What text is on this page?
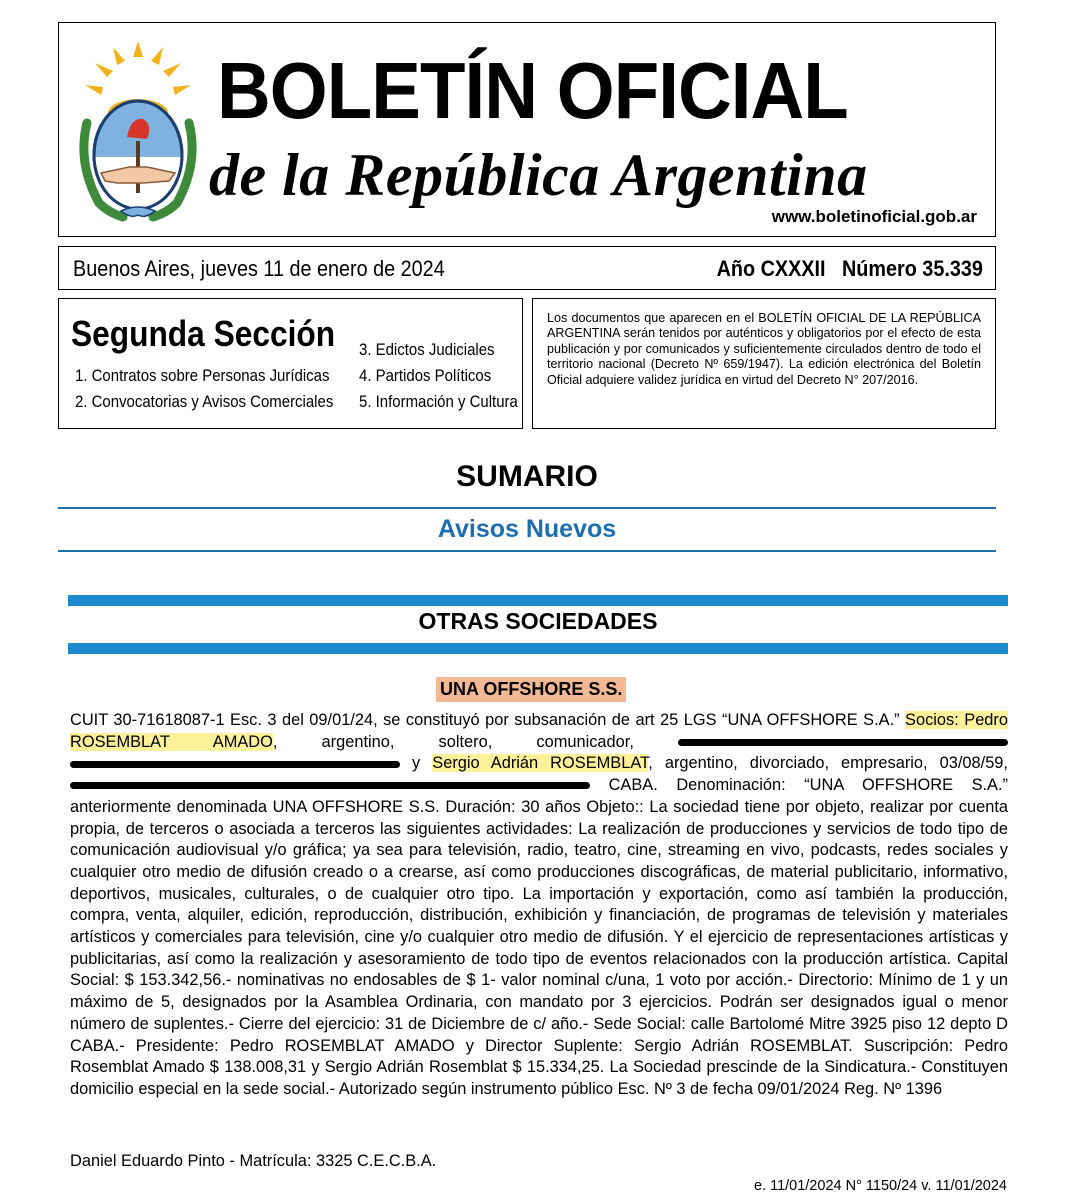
BOLETÍN OFICIAL
de la República Argentina
www.boletinoficial.gob.ar
Buenos Aires, jueves 11 de enero de 2024	Año CXXXII   Número 35.339
Segunda Sección
1. Contratos sobre Personas Jurídicas
2. Convocatorias y Avisos Comerciales
3. Edictos Judiciales
4. Partidos Políticos
5. Información y Cultura
Los documentos que aparecen en el BOLETÍN OFICIAL DE LA REPÚBLICA ARGENTINA serán tenidos por auténticos y obligatorios por el efecto de esta publicación y por comunicados y suficientemente circulados dentro de todo el territorio nacional (Decreto Nº 659/1947). La edición electrónica del Boletín Oficial adquiere validez jurídica en virtud del Decreto N° 207/2016.
SUMARIO
Avisos Nuevos
OTRAS SOCIEDADES
UNA OFFSHORE S.S.
CUIT 30-71618087-1 Esc. 3 del 09/01/24, se constituyó por subsanación de art 25 LGS “UNA OFFSHORE S.A.” Socios: Pedro ROSEMBLAT AMADO, argentino, soltero, comunicador,   y Sergio Adrián ROSEMBLAT, argentino, divorciado, empresario, 03/08/59,  CABA. Denominación: “UNA OFFSHORE S.A.” anteriormente denominada UNA OFFSHORE S.S. Duración: 30 años Objeto:: La sociedad tiene por objeto, realizar por cuenta propia, de terceros o asociada a terceros las siguientes actividades: La realización de producciones y servicios de todo tipo de comunicación audiovisual y/o gráfica; ya sea para televisión, radio, teatro, cine, streaming en vivo, podcasts, redes sociales y cualquier otro medio de difusión creado o a crearse, así como producciones discográficas, de material publicitario, informativo, deportivos, musicales, culturales, o de cualquier otro tipo. La importación y exportación, como así también la producción, compra, venta, alquiler, edición, reproducción, distribución, exhibición y financiación, de programas de televisión y materiales artísticos y comerciales para televisión, cine y/o cualquier otro medio de difusión. Y el ejercicio de representaciones artísticas y publicitarias, así como la realización y asesoramiento de todo tipo de eventos relacionados con la producción artística. Capital Social: $ 153.342,56.- nominativas no endosables de $ 1- valor nominal c/una, 1 voto por acción.- Directorio: Mínimo de 1 y un máximo de 5, designados por la Asamblea Ordinaria, con mandato por 3 ejercicios. Podrán ser designados igual o menor número de suplentes.- Cierre del ejercicio: 31 de Diciembre de c/ año.- Sede Social: calle Bartolomé Mitre 3925 piso 12 depto D CABA.- Presidente: Pedro ROSEMBLAT AMADO y Director Suplente: Sergio Adrián ROSEMBLAT. Suscripción: Pedro Rosemblat Amado $ 138.008,31 y Sergio Adrián Rosemblat $ 15.334,25. La Sociedad prescinde de la Sindicatura.- Constituyen domicilio especial en la sede social.- Autorizado según instrumento público Esc. Nº 3 de fecha 09/01/2024 Reg. Nº 1396
Daniel Eduardo Pinto - Matrícula: 3325 C.E.C.B.A.
e. 11/01/2024 N° 1150/24 v. 11/01/2024
